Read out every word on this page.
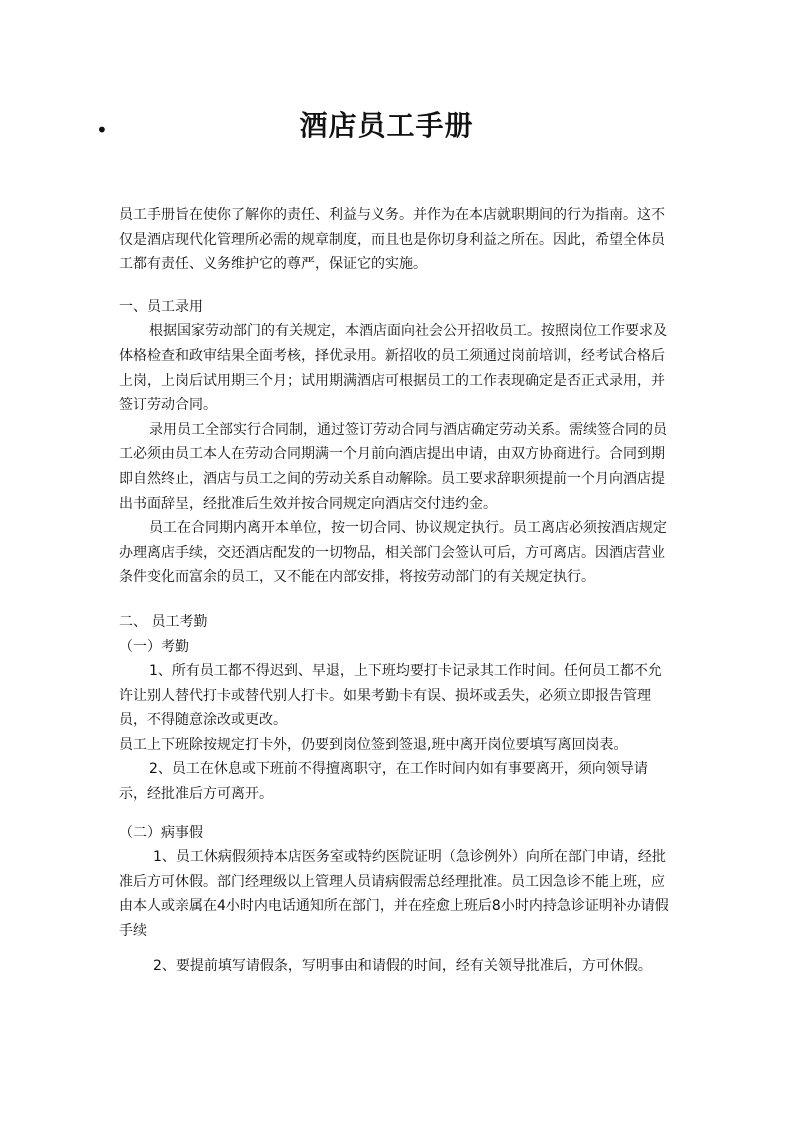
•	酒店员工手册

员工手册旨在使你了解你的责任、利益与义务。并作为在本店就职期间的行为指南。这不仅是酒店现代化管理所必需的规章制度，而且也是你切身利益之所在。因此，希望全体员工都有责任、义务维护它的尊严，保证它的实施。

一、员工录用

根据国家劳动部门的有关规定，本酒店面向社会公开招收员工。按照岗位工作要求及体格检查和政审结果全面考核，择优录用。新招收的员工须通过岗前培训，经考试合格后上岗，上岗后试用期三个月；试用期满酒店可根据员工的工作表现确定是否正式录用，并签订劳动合同。

录用员工全部实行合同制，通过签订劳动合同与酒店确定劳动关系。需续签合同的员工必须由员工本人在劳动合同期满一个月前向酒店提出申请，由双方协商进行。合同到期即自然终止，酒店与员工之间的劳动关系自动解除。员工要求辞职须提前一个月向酒店提出书面辞呈，经批准后生效并按合同规定向酒店交付违约金。

员工在合同期内离开本单位，按一切合同、协议规定执行。员工离店必须按酒店规定办理离店手续，交还酒店配发的一切物品，相关部门会签认可后，方可离店。因酒店营业条件变化而富余的员工，又不能在内部安排，将按劳动部门的有关规定执行。

二、 员工考勤

（一）考勤

1、所有员工都不得迟到、早退，上下班均要打卡记录其工作时间。任何员工都不允许让别人替代打卡或替代别人打卡。如果考勤卡有误、损坏或丢失，必须立即报告管理员，不得随意涂改或更改。

员工上下班除按规定打卡外，仍要到岗位签到签退,班中离开岗位要填写离回岗表。

2、员工在休息或下班前不得擅离职守，在工作时间内如有事要离开，须向领导请示，经批准后方可离开。

（二）病事假

1、员工休病假须持本店医务室或特约医院证明（急诊例外）向所在部门申请，经批准后方可休假。部门经理级以上管理人员请病假需总经理批准。员工因急诊不能上班，应由本人或亲属在4小时内电话通知所在部门，并在痊愈上班后8小时内持急诊证明补办请假手续

2、要提前填写请假条，写明事由和请假的时间，经有关领导批准后，方可休假。
